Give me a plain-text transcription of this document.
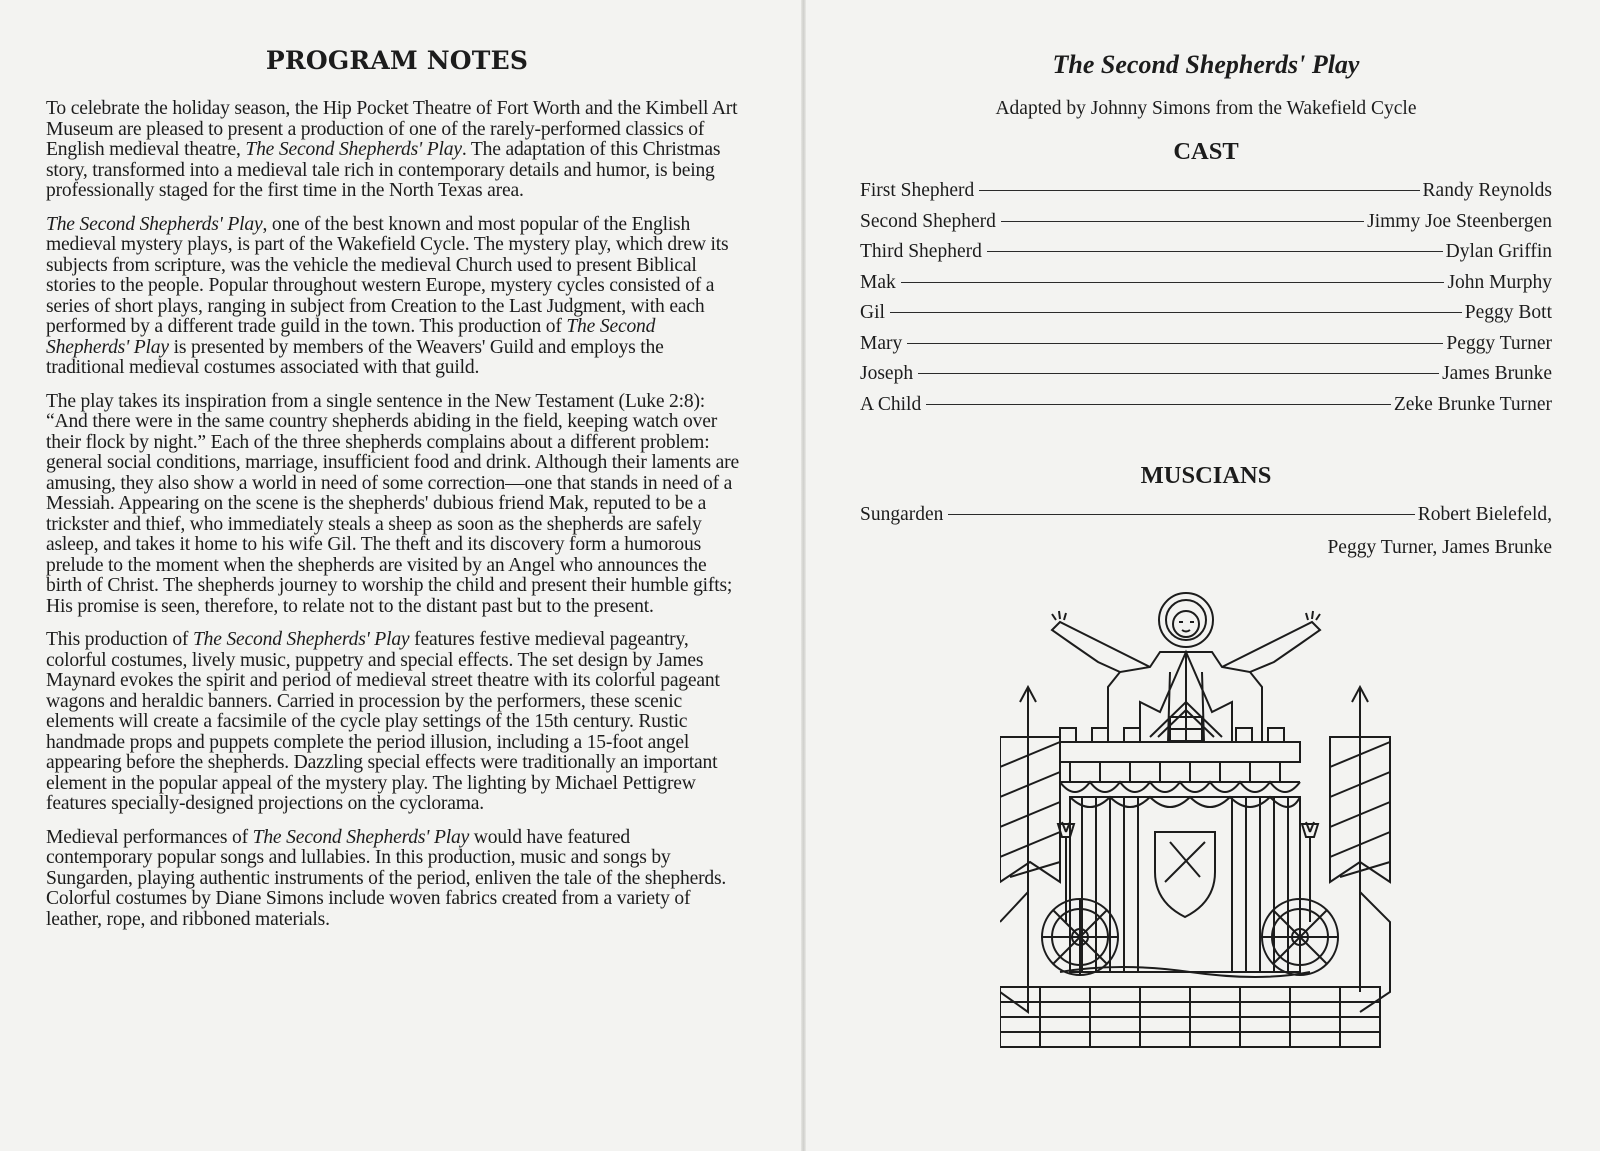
PROGRAM NOTES

To celebrate the holiday season, the Hip Pocket Theatre of Fort Worth and the Kimbell Art Museum are pleased to present a production of one of the rarely-performed classics of English medieval theatre, The Second Shepherds' Play. The adaptation of this Christmas story, transformed into a medieval tale rich in contemporary details and humor, is being professionally staged for the first time in the North Texas area.

The Second Shepherds' Play, one of the best known and most popular of the English medieval mystery plays, is part of the Wakefield Cycle. The mystery play, which drew its subjects from scripture, was the vehicle the medieval Church used to present Biblical stories to the people. Popular throughout western Europe, mystery cycles consisted of a series of short plays, ranging in subject from Creation to the Last Judgment, with each performed by a different trade guild in the town. This production of The Second Shepherds' Play is presented by members of the Weavers' Guild and employs the traditional medieval costumes associated with that guild.

The play takes its inspiration from a single sentence in the New Testament (Luke 2:8): “And there were in the same country shepherds abiding in the field, keeping watch over their flock by night.” Each of the three shepherds complains about a different problem: general social conditions, marriage, insufficient food and drink. Although their laments are amusing, they also show a world in need of some correction—one that stands in need of a Messiah. Appearing on the scene is the shepherds' dubious friend Mak, reputed to be a trickster and thief, who immediately steals a sheep as soon as the shepherds are safely asleep, and takes it home to his wife Gil. The theft and its discovery form a humorous prelude to the moment when the shepherds are visited by an Angel who announces the birth of Christ. The shepherds journey to worship the child and present their humble gifts; His promise is seen, therefore, to relate not to the distant past but to the present.

This production of The Second Shepherds' Play features festive medieval pageantry, colorful costumes, lively music, puppetry and special effects. The set design by James Maynard evokes the spirit and period of medieval street theatre with its colorful pageant wagons and heraldic banners. Carried in procession by the performers, these scenic elements will create a facsimile of the cycle play settings of the 15th century. Rustic handmade props and puppets complete the period illusion, including a 15-foot angel appearing before the shepherds. Dazzling special effects were traditionally an important element in the popular appeal of the mystery play. The lighting by Michael Pettigrew features specially-designed projections on the cyclorama.

Medieval performances of The Second Shepherds' Play would have featured contemporary popular songs and lullabies. In this production, music and songs by Sungarden, playing authentic instruments of the period, enliven the tale of the shepherds. Colorful costumes by Diane Simons include woven fabrics created from a variety of leather, rope, and ribboned materials.

The Second Shepherds' Play
Adapted by Johnny Simons from the Wakefield Cycle
CAST
First Shepherd	Randy Reynolds
Second Shepherd	Jimmy Joe Steenbergen
Third Shepherd	Dylan Griffin
Mak	John Murphy
Gil	Peggy Bott
Mary	Peggy Turner
Joseph	James Brunke
A Child	Zeke Brunke Turner
MUSCIANS
Sungarden	Robert Bielefeld,
Peggy Turner, James Brunke
